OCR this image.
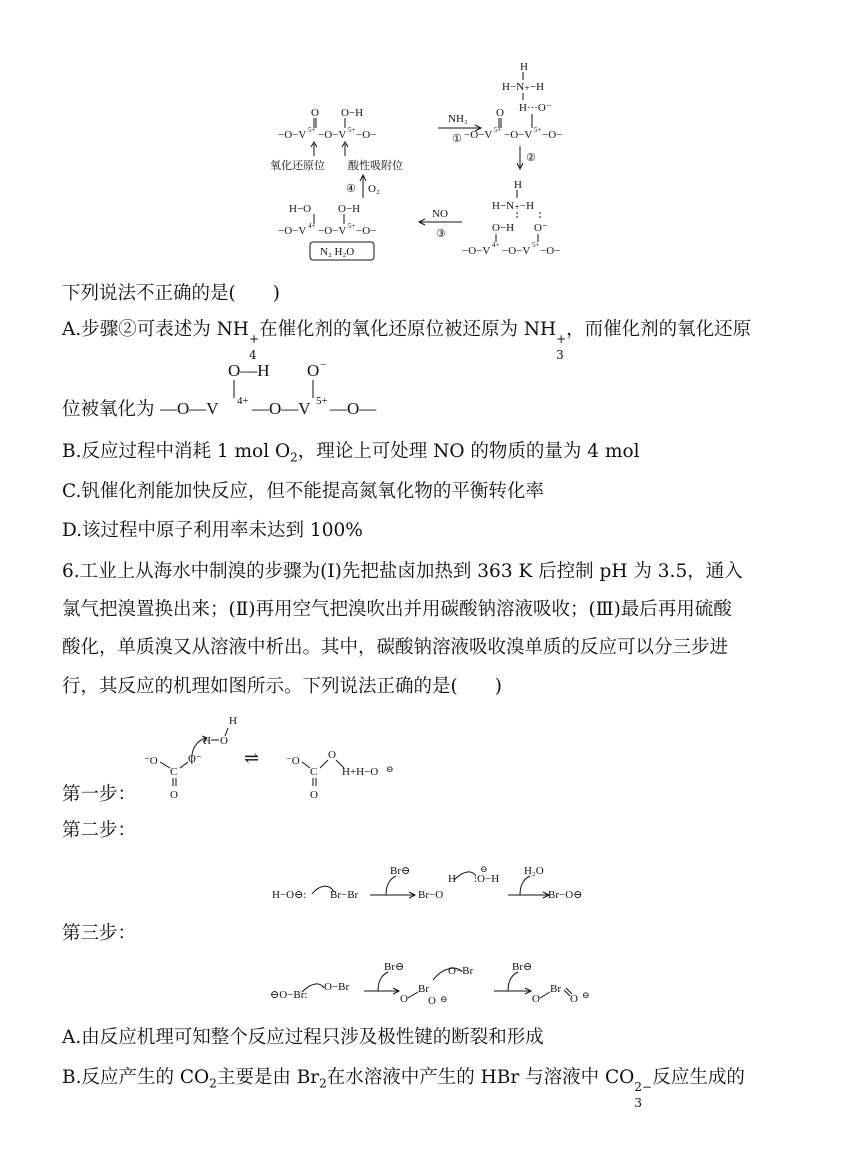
O O−H
−O−V 5+ −O−V 5+ −O−
氧化还原位 酸性吸附位
NH₃
①
H
H−N₊−H
H···O⁻
O
−O−V 5+ −O−V 5+ −O−
②
H
H−N₊−H
O−H O⁻
−O−V 4+ −O−V 5+ −O−
NO
③
H−O O−H
−O−V 4+ −O−V 5+ −O−
N₂ H₂O
④ O₂
下列说法不正确的是(　　)
A.步骤②可表述为 NH +
4
在催化剂的氧化还原位被还原为 NH +
3
，而催化剂的氧化还原
位被氧化为
O—H O −
—O—V 4+ —O—V 5+ —O—
B.反应过程中消耗 1 mol $O_2$，理论上可处理 NO 的物质的量为 4 mol
C.钒催化剂能加快反应，但不能提高氮氧化物的平衡转化率
D.该过程中原子利用率未达到 100%
6.工业上从海水中制溴的步骤为(Ⅰ)先把盐卤加热到 363 K 后控制 pH 为 3.5，通入
氯气把溴置换出来；(Ⅱ)再用空气把溴吹出并用碳酸钠溶液吸收；(Ⅲ)最后再用硫酸
酸化，单质溴又从溶液中析出。其中，碳酸钠溶液吸收溴单质的反应可以分三步进
行，其反应的机理如图所示。下列说法正确的是(　　)
第一步：
H
H O
⁻O
C
O⁻
O
⇌ ⁻O
C
O
H+H−O ⊖
O
第二步：
H−O⊖: Br−Br
Br⊖
Br−O
H :O−H
⊖	H₂O
Br−O⊖
第三步：
⊖O−Br:
O−Br
Br⊖
O
Br
O ⊖
O−Br	Br⊖
O
Br
O ⊖
A.由反应机理可知整个反应过程只涉及极性键的断裂和形成
B.反应产生的 $CO_2$主要是由 $Br_2$在水溶液中产生的 HBr 与溶液中 CO 2−
3
反应生成的
